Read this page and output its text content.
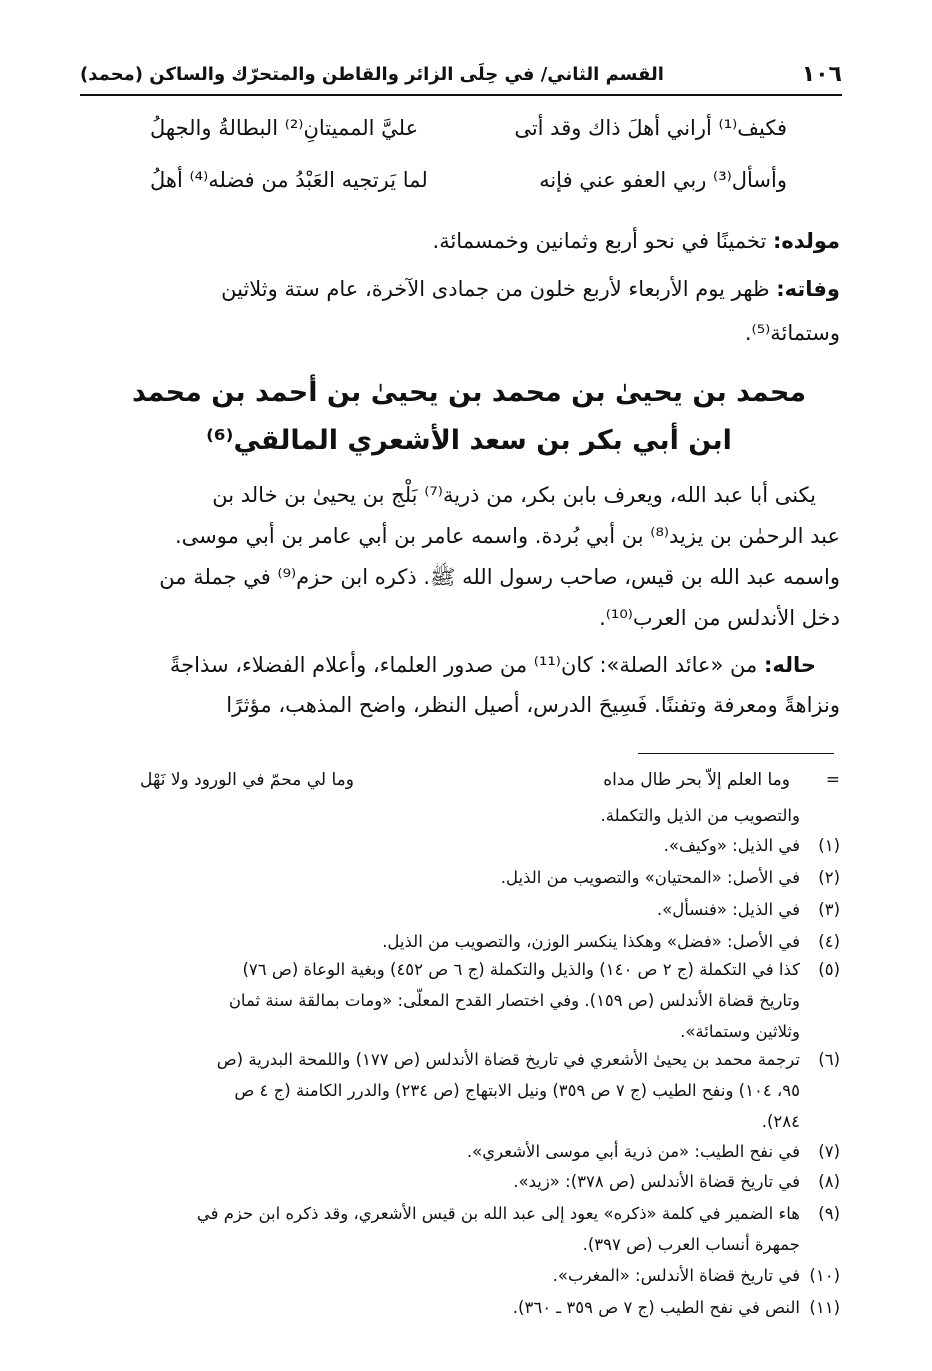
١٠٦
القسم الثاني/ في حِلَى الزائر والقاطن والمتحرّك والساكن (محمد)
فكيف⁽¹⁾ أراني أهلَ ذاك وقد أتى
عليَّ المميتانِ⁽²⁾ البطالةُ والجهلُ
وأسأل⁽³⁾ ربي العفو عني فإنه
لما يَرتجيه العَبْدُ من فضله⁽⁴⁾ أهلُ
مولده: تخمينًا في نحو أربع وثمانين وخمسمائة.
وفاته: ظهر يوم الأربعاء لأربع خلون من جمادى الآخرة، عام ستة وثلاثين
وستمائة⁽⁵⁾.
محمد بن يحيىٰ بن محمد بن يحيىٰ بن أحمد بن محمد
ابن أبي بكر بن سعد الأشعري المالقي⁽⁶⁾
يكنى أبا عبد الله، ويعرف بابن بكر، من ذرية⁽⁷⁾ بَلْج بن يحيىٰ بن خالد بن
عبد الرحمٰن بن يزيد⁽⁸⁾ بن أبي بُردة. واسمه عامر بن أبي عامر بن أبي موسى.
واسمه عبد الله بن قيس، صاحب رسول الله ﷺ. ذكره ابن حزم⁽⁹⁾ في جملة من
دخل الأندلس من العرب⁽¹⁰⁾.
حاله: من «عائد الصلة»: كان⁽¹¹⁾ من صدور العلماء، وأعلام الفضلاء، سذاجةً
ونزاهةً ومعرفة وتفننًا. فَسِيحَ الدرس، أصيل النظر، واضح المذهب، مؤثرًا
=
وما العلم إلاّ بحر طال مداه
وما لي محمّ في الورود ولا نَهْل
والتصويب من الذيل والتكملة.
(١)
في الذيل: «وكيف».
(٢)
في الأصل: «المحتيان» والتصويب من الذيل.
(٣)
في الذيل: «فنسأل».
(٤)
في الأصل: «فضل» وهكذا ينكسر الوزن، والتصويب من الذيل.
(٥)
كذا في التكملة (ج ٢ ص ١٤٠) والذيل والتكملة (ج ٦ ص ٤٥٢) وبغية الوعاة (ص ٧٦)
وتاريخ قضاة الأندلس (ص ١٥٩). وفي اختصار القدح المعلّى: «ومات بمالقة سنة ثمان
وثلاثين وستمائة».
(٦)
ترجمة محمد بن يحيىٰ الأشعري في تاريخ قضاة الأندلس (ص ١٧٧) واللمحة البدرية (ص
٩٥، ١٠٤) ونفح الطيب (ج ٧ ص ٣٥٩) ونيل الابتهاج (ص ٢٣٤) والدرر الكامنة (ج ٤ ص
٢٨٤).
(٧)
في نفح الطيب: «من ذرية أبي موسى الأشعري».
(٨)
في تاريخ قضاة الأندلس (ص ٣٧٨): «زيد».
(٩)
هاء الضمير في كلمة «ذكره» يعود إلى عبد الله بن قيس الأشعري، وقد ذكره ابن حزم في
جمهرة أنساب العرب (ص ٣٩٧).
(١٠)
في تاريخ قضاة الأندلس: «المغرب».
(١١)
النص في نفح الطيب (ج ٧ ص ٣٥٩ ـ ٣٦٠).
